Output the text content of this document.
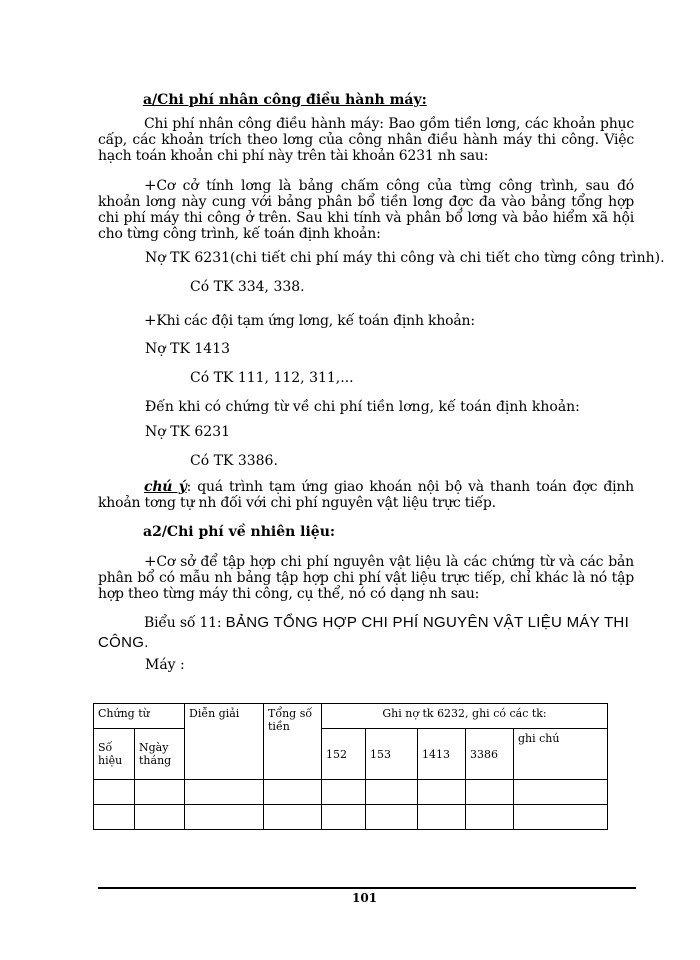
a/Chi phí nhân công điều hành máy:
Chi phí nhân công điều hành máy: Bao gồm tiền lơng, các khoản phục cấp, các khoản trích theo lơng của công nhân điều hành máy thi công. Việc hạch toán khoản chi phí này trên tài khoản 6231 nh sau:
+Cơ cở tính lơng là bảng chấm công của từng công trình, sau đó khoản lơng này cung với bảng phân bổ tiền lơng đợc đa vào bảng tổng hợp chi phí máy thi công ở trên. Sau khi tính và phân bổ lơng và bảo hiểm xã hội cho từng công trình, kế toán định khoản:
Nợ TK 6231(chi tiết chi phí máy thi công và chi tiết cho từng công trình).
Có TK 334, 338.
+Khi các đội tạm ứng lơng, kế toán định khoản:
Nợ TK 1413
Có TK 111, 112, 311,...
Đến khi có chứng từ về chi phí tiền lơng, kế toán định khoản:
Nợ TK 6231
Có TK 3386.
chú ý: quá trình tạm ứng giao khoán nội bộ và thanh toán đợc định khoản tơng tự nh đối với chi phí nguyên vật liệu trực tiếp.
a2/Chi phí về nhiên liệu:
+Cơ sở để tập hợp chi phí nguyên vật liệu là các chứng từ và các bản phân bổ có mẫu nh bảng tập hợp chi phí vật liệu trực tiếp, chỉ khác là nó tập hợp theo từng máy thi công, cụ thể, nó có dạng nh sau:
Biểu số 11: BẢNG TỔNG HỢP CHI PHÍ NGUYÊN VẬT LIỆU MÁY THI CÔNG.
Máy :
Chứng từ		Diễn giải	Tổng số tiền	Ghi nợ tk 6232, ghi có các tk:				
Số hiệu	Ngày tháng			152	153	1413	3386	ghi chú

101
